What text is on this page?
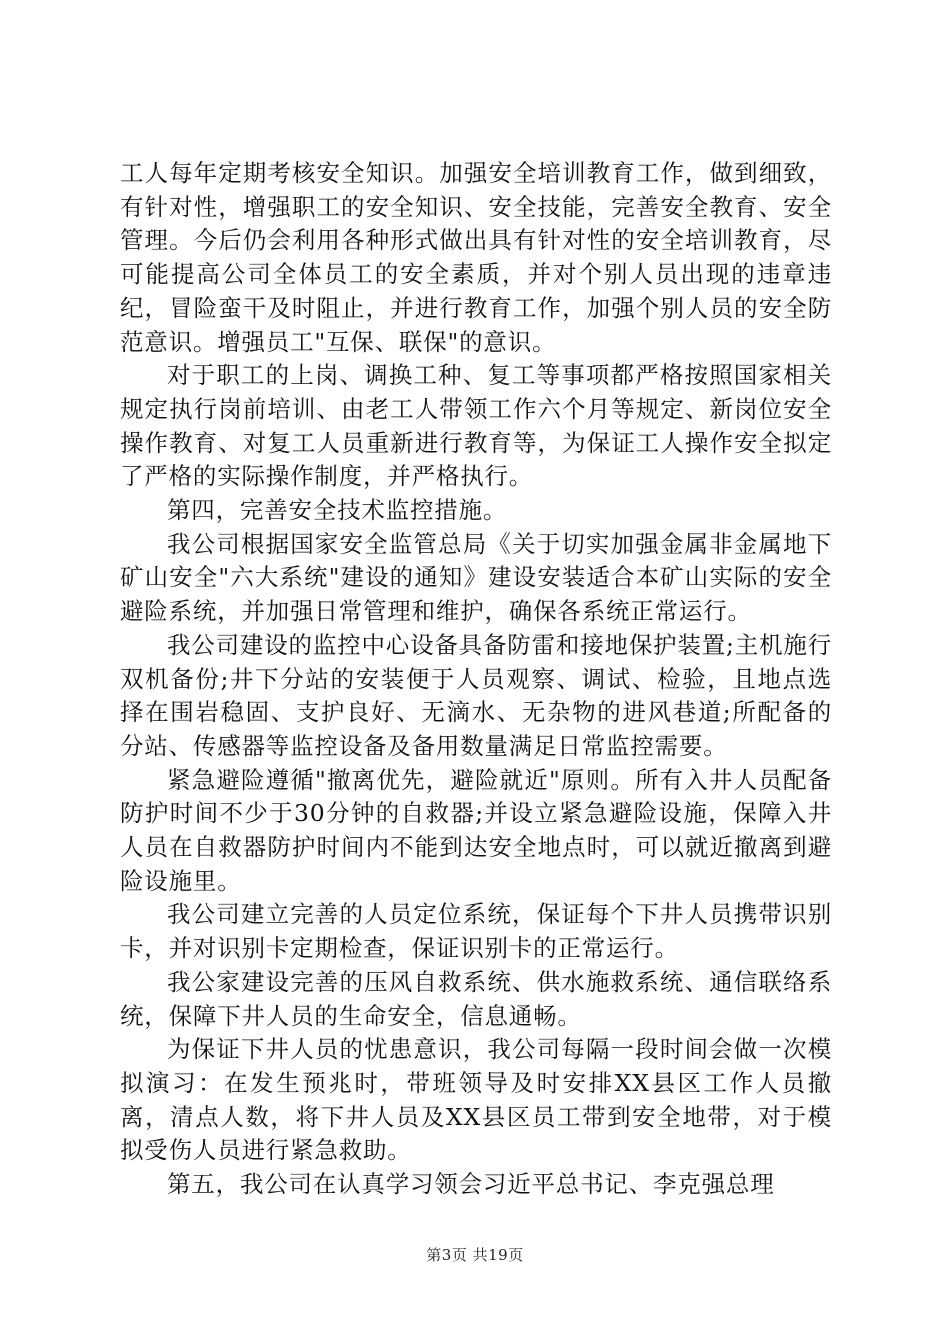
工人每年定期考核安全知识。加强安全培训教育工作，做到细致，有针对性，增强职工的安全知识、安全技能，完善安全教育、安全管理。今后仍会利用各种形式做出具有针对性的安全培训教育，尽可能提高公司全体员工的安全素质，并对个别人员出现的违章违纪，冒险蛮干及时阻止，并进行教育工作，加强个别人员的安全防范意识。增强员工"互保、联保"的意识。

对于职工的上岗、调换工种、复工等事项都严格按照国家相关规定执行岗前培训、由老工人带领工作六个月等规定、新岗位安全操作教育、对复工人员重新进行教育等，为保证工人操作安全拟定了严格的实际操作制度，并严格执行。

第四，完善安全技术监控措施。

我公司根据国家安全监管总局《关于切实加强金属非金属地下矿山安全"六大系统"建设的通知》建设安装适合本矿山实际的安全避险系统，并加强日常管理和维护，确保各系统正常运行。

我公司建设的监控中心设备具备防雷和接地保护装置;主机施行双机备份;井下分站的安装便于人员观察、调试、检验，且地点选择在围岩稳固、支护良好、无滴水、无杂物的进风巷道;所配备的分站、传感器等监控设备及备用数量满足日常监控需要。

紧急避险遵循"撤离优先，避险就近"原则。所有入井人员配备防护时间不少于30分钟的自救器;并设立紧急避险设施，保障入井人员在自救器防护时间内不能到达安全地点时，可以就近撤离到避险设施里。

我公司建立完善的人员定位系统，保证每个下井人员携带识别卡，并对识别卡定期检查，保证识别卡的正常运行。

我公家建设完善的压风自救系统、供水施救系统、通信联络系统，保障下井人员的生命安全，信息通畅。

为保证下井人员的忧患意识，我公司每隔一段时间会做一次模拟演习：在发生预兆时，带班领导及时安排XX县区工作人员撤离，清点人数，将下井人员及XX县区员工带到安全地带，对于模拟受伤人员进行紧急救助。

第五，我公司在认真学习领会习近平总书记、李克强总理

第3页 共19页
